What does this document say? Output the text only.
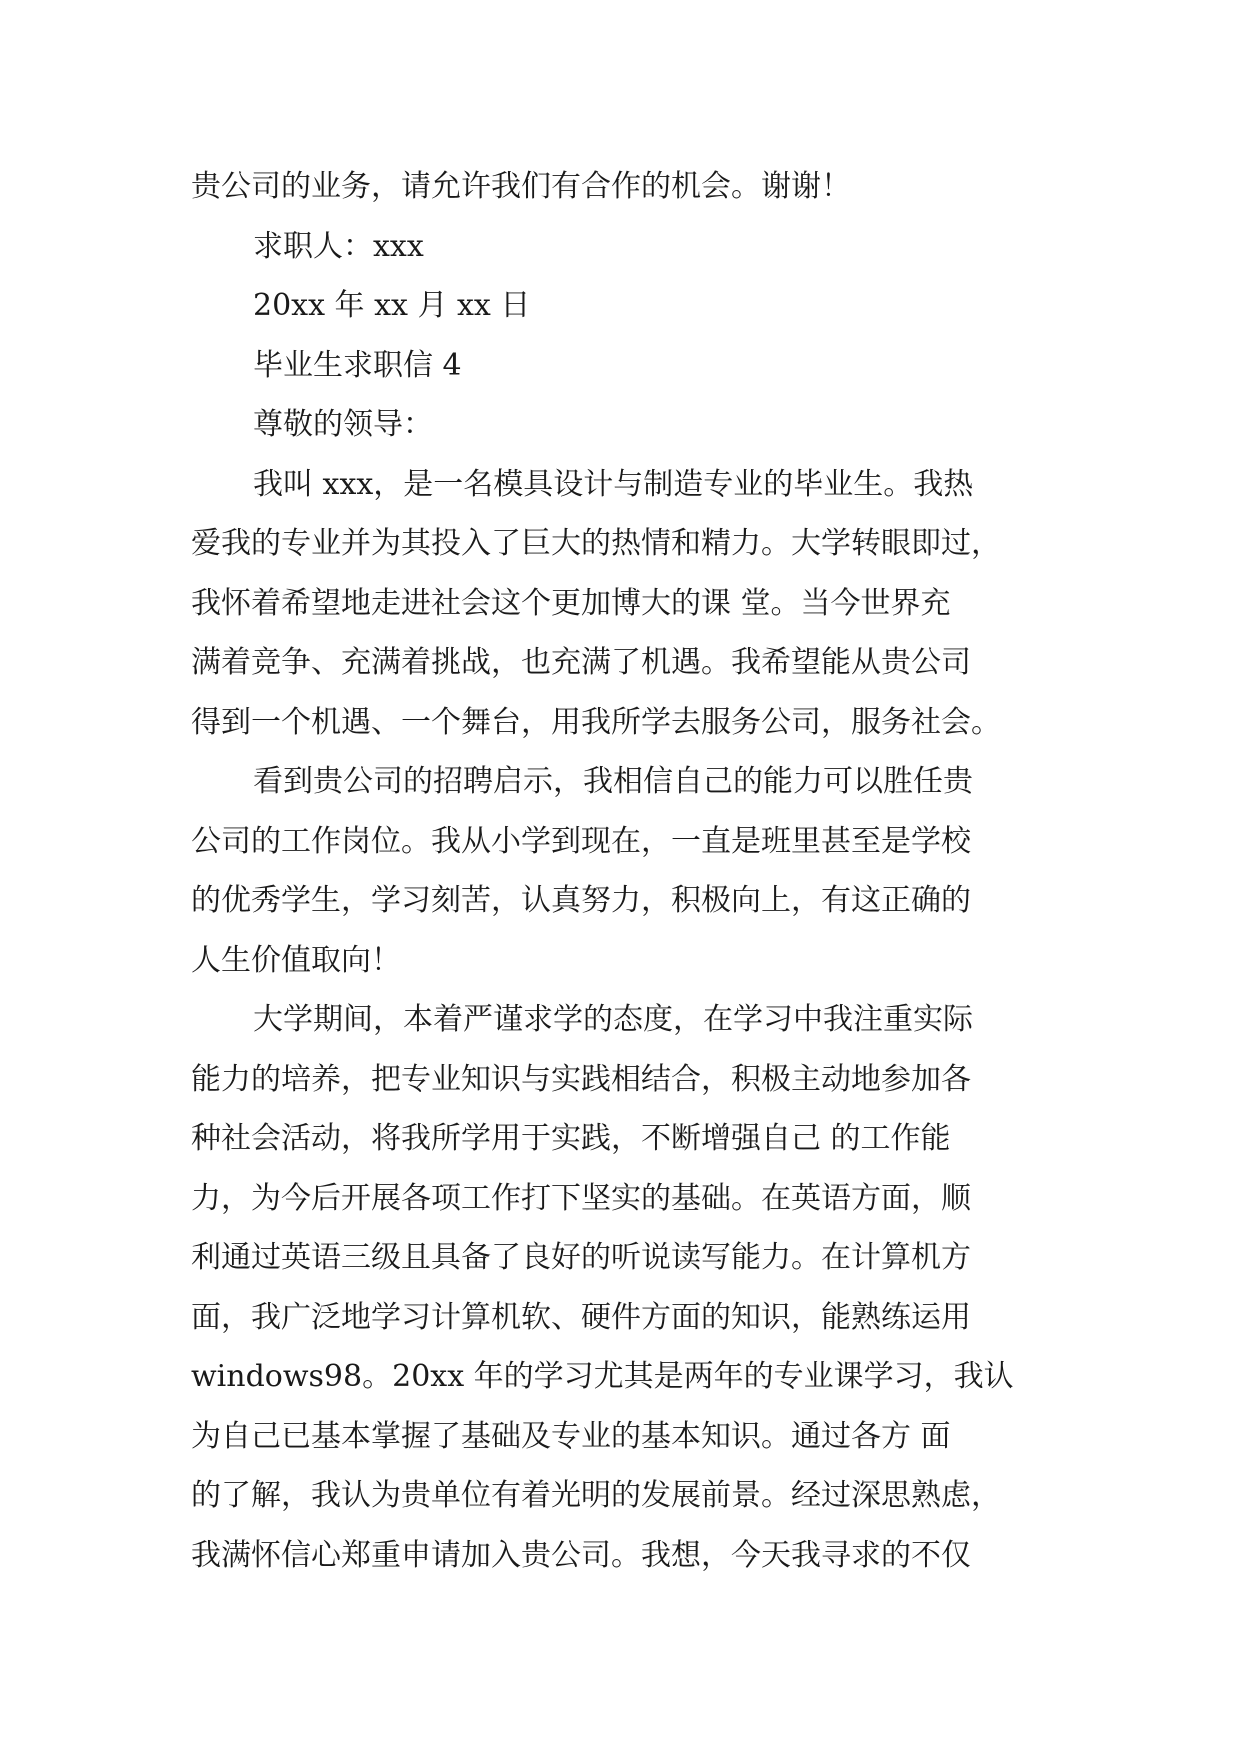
贵公司的业务，请允许我们有合作的机会。谢谢！
求职人：xxx
20xx 年 xx 月 xx 日
毕业生求职信 4
尊敬的领导：
我叫 xxx，是一名模具设计与制造专业的毕业生。我热
爱我的专业并为其投入了巨大的热情和精力。大学转眼即过，
我怀着希望地走进社会这个更加博大的课 堂。当今世界充
满着竞争、充满着挑战，也充满了机遇。我希望能从贵公司
得到一个机遇、一个舞台，用我所学去服务公司，服务社会。
看到贵公司的招聘启示，我相信自己的能力可以胜任贵
公司的工作岗位。我从小学到现在，一直是班里甚至是学校
的优秀学生，学习刻苦，认真努力，积极向上，有这正确的
人生价值取向！
大学期间，本着严谨求学的态度，在学习中我注重实际
能力的培养，把专业知识与实践相结合，积极主动地参加各
种社会活动，将我所学用于实践，不断增强自己 的工作能
力，为今后开展各项工作打下坚实的基础。在英语方面，顺
利通过英语三级且具备了良好的听说读写能力。在计算机方
面，我广泛地学习计算机软、硬件方面的知识，能熟练运用
windows98。20xx 年的学习尤其是两年的专业课学习，我认
为自己已基本掌握了基础及专业的基本知识。通过各方 面
的了解，我认为贵单位有着光明的发展前景。经过深思熟虑，
我满怀信心郑重申请加入贵公司。我想，今天我寻求的不仅
